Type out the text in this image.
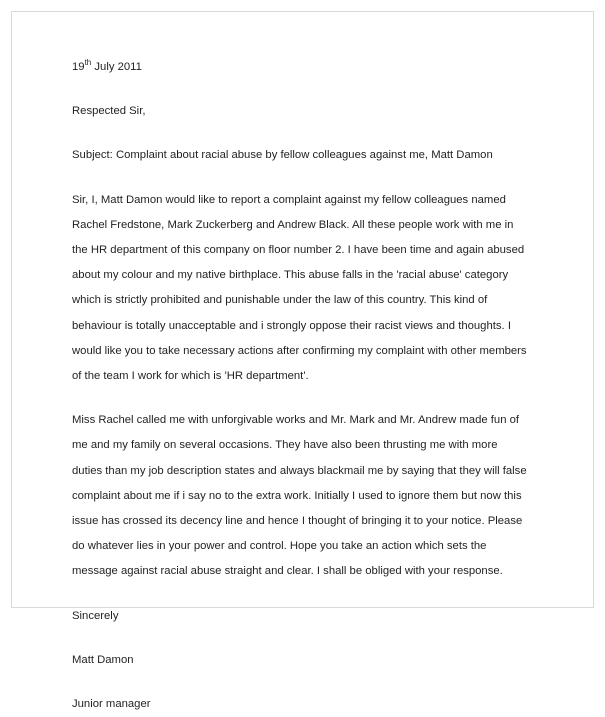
19th July 2011
Respected Sir,
Subject: Complaint about racial abuse by fellow colleagues against me, Matt Damon

Sir, I, Matt Damon would like to report a complaint against my fellow colleagues named Rachel Fredstone, Mark Zuckerberg and Andrew Black. All these people work with me in the HR department of this company on floor number 2. I have been time and again abused about my colour and my native birthplace. This abuse falls in the 'racial abuse' category which is strictly prohibited and punishable under the law of this country. This kind of behaviour is totally unacceptable and i strongly oppose their racist views and thoughts. I would like you to take necessary actions after confirming my complaint with other members of the team I work for which is 'HR department'.

Miss Rachel called me with unforgivable works and Mr. Mark and Mr. Andrew made fun of me and my family on several occasions. They have also been thrusting me with more duties than my job description states and always blackmail me by saying that they will false complaint about me if i say no to the extra work. Initially I used to ignore them but now this issue has crossed its decency line and hence I thought of bringing it to your notice. Please do whatever lies in your power and control. Hope you take an action which sets the message against racial abuse straight and clear. I shall be obliged with your response.

Sincerely
Matt Damon
Junior manager
